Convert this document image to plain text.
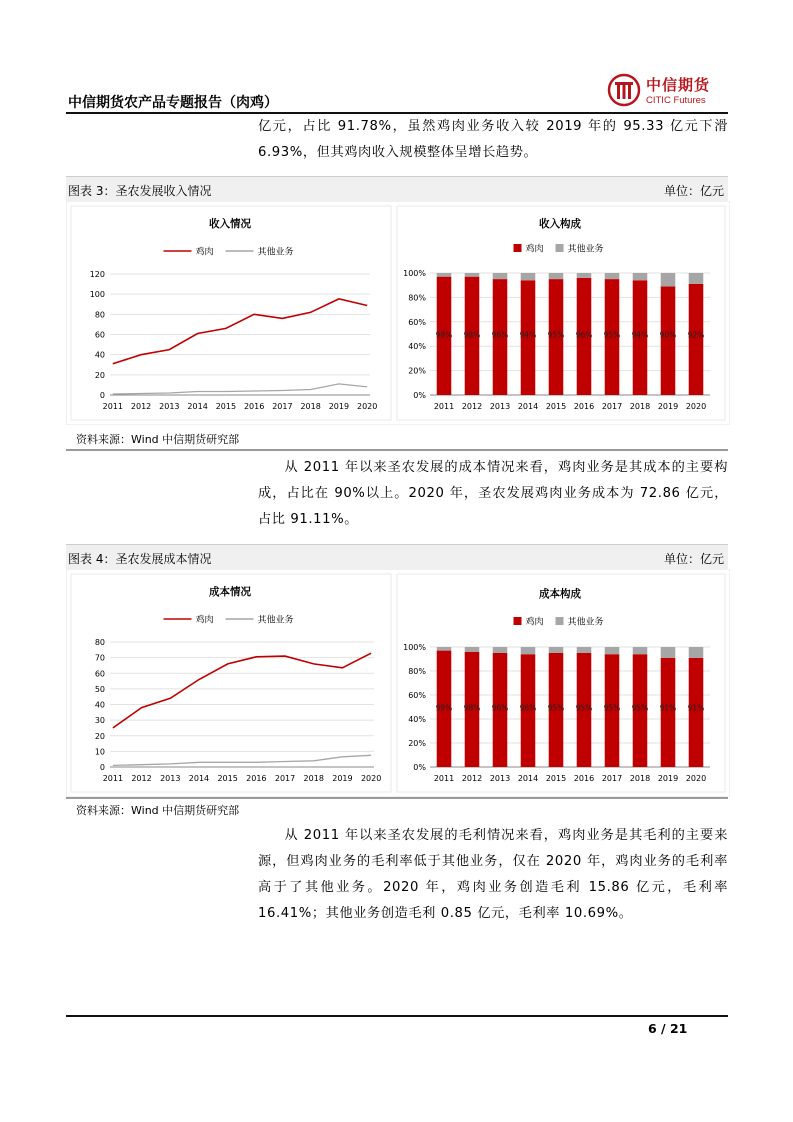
中信期货农产品专题报告（肉鸡）
中信期货
CITIC Futures

亿元，占比 91.78%，虽然鸡肉业务收入较 2019 年的 95.33 亿元下滑 6.93%，但其鸡肉收入规模整体呈增长趋势。

图表 3：圣农发展收入情况	单位：亿元
收入情况
鸡肉	其他业务
0
20
40
60
80
100
120
2011 2012 2013 2014 2015 2016 2017 2018 2019 2020
收入构成
鸡肉	其他业务
0%
20%
40%
60%
80%
100%
98%
2011
98%
2012
96%
2013
94%
2014
95%
2015
96%
2016
95%
2017
94%
2018
90%
2019
92%
2020
资料来源：Wind 中信期货研究部

从 2011 年以来圣农发展的成本情况来看，鸡肉业务是其成本的主要构成，占比在 90%以上。2020 年，圣农发展鸡肉业务成本为 72.86 亿元，占比 91.11%。

图表 4：圣农发展成本情况	单位：亿元
成本情况
鸡肉	其他业务
0
10
20
30
40
50
60
70
80
2011 2012 2013 2014 2015 2016 2017 2018 2019 2020
成本构成
鸡肉	其他业务
0%
20%
40%
60%
80%
100%
99%
2011
98%
2012
96%
2013
96%
2014
95%
2015
95%
2016
95%
2017
95%
2018
91%
2019
91%
2020
资料来源：Wind 中信期货研究部

从 2011 年以来圣农发展的毛利情况来看，鸡肉业务是其毛利的主要来源，但鸡肉业务的毛利率低于其他业务，仅在 2020 年，鸡肉业务的毛利率高于了其他业务。2020 年，鸡肉业务创造毛利 15.86 亿元，毛利率 16.41%；其他业务创造毛利 0.85 亿元，毛利率 10.69%。

6 / 21
